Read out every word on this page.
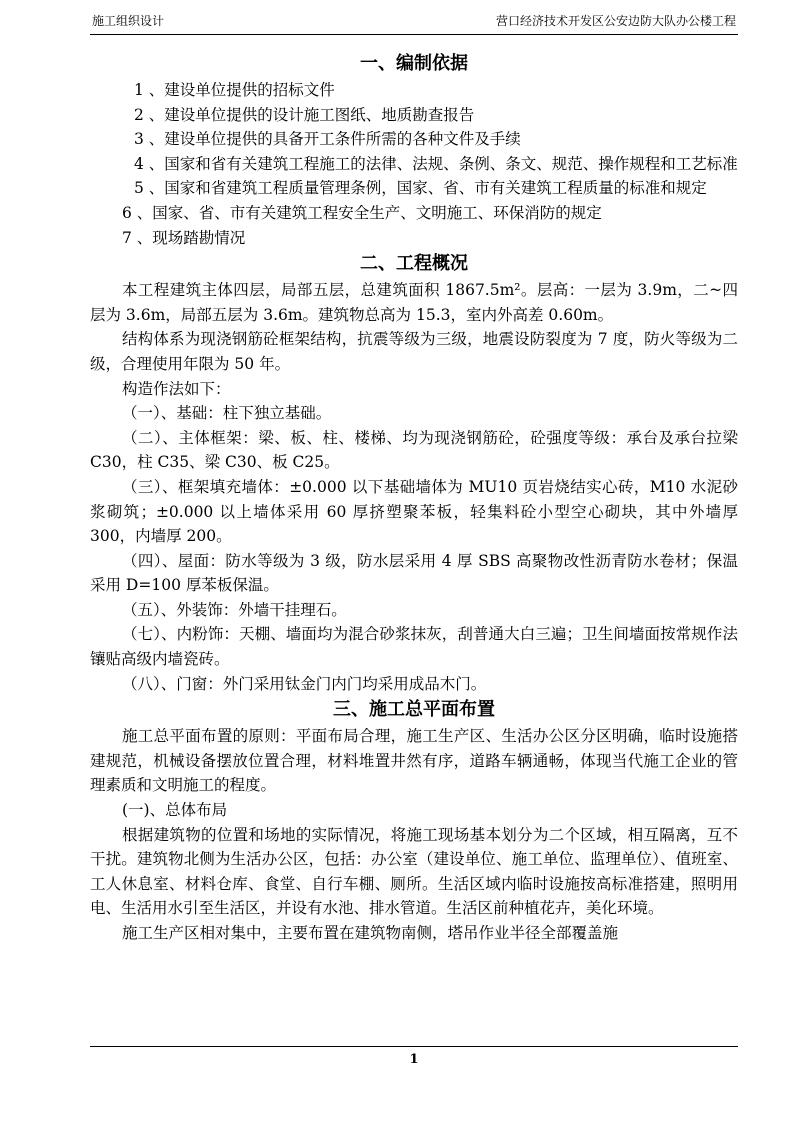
施工组织设计	营口经济技术开发区公安边防大队办公楼工程

一、编制依据

1 、建设单位提供的招标文件

2 、建设单位提供的设计施工图纸、地质勘查报告

3 、建设单位提供的具备开工条件所需的各种文件及手续

4 、国家和省有关建筑工程施工的法律、法规、条例、条文、规范、操作规程和工艺标准

5 、国家和省建筑工程质量管理条例，国家、省、市有关建筑工程质量的标准和规定

6 、国家、省、市有关建筑工程安全生产、文明施工、环保消防的规定

7 、现场踏勘情况

二、工程概况

本工程建筑主体四层，局部五层，总建筑面积 1867.5m²。层高：一层为 3.9m，二~四层为 3.6m，局部五层为 3.6m。建筑物总高为 15.3，室内外高差 0.60m。

结构体系为现浇钢筋砼框架结构，抗震等级为三级，地震设防裂度为 7 度，防火等级为二级，合理使用年限为 50 年。

构造作法如下：

（一）、基础：柱下独立基础。

（二）、主体框架：梁、板、柱、楼梯、均为现浇钢筋砼，砼强度等级：承台及承台拉梁 C30，柱 C35、梁 C30、板 C25。

（三）、框架填充墙体：±0.000 以下基础墙体为 MU10 页岩烧结实心砖，M10 水泥砂浆砌筑；±0.000 以上墙体采用 60 厚挤塑聚苯板，轻集料砼小型空心砌块，其中外墙厚 300，内墙厚 200。

（四）、屋面：防水等级为 3 级，防水层采用 4 厚 SBS 高聚物改性沥青防水卷材；保温采用 D=100 厚苯板保温。

（五）、外装饰：外墙干挂理石。

（七）、内粉饰：天棚、墙面均为混合砂浆抹灰，刮普通大白三遍；卫生间墙面按常规作法镶贴高级内墙瓷砖。

（八）、门窗：外门采用钛金门内门均采用成品木门。

三、施工总平面布置

施工总平面布置的原则：平面布局合理，施工生产区、生活办公区分区明确，临时设施搭建规范，机械设备摆放位置合理，材料堆置井然有序，道路车辆通畅，体现当代施工企业的管理素质和文明施工的程度。

(一)、总体布局

根据建筑物的位置和场地的实际情况，将施工现场基本划分为二个区域，相互隔离，互不干扰。建筑物北侧为生活办公区，包括：办公室（建设单位、施工单位、监理单位）、值班室、工人休息室、材料仓库、食堂、自行车棚、厕所。生活区域内临时设施按高标准搭建，照明用电、生活用水引至生活区，并设有水池、排水管道。生活区前种植花卉，美化环境。

施工生产区相对集中，主要布置在建筑物南侧，塔吊作业半径全部覆盖施

1
